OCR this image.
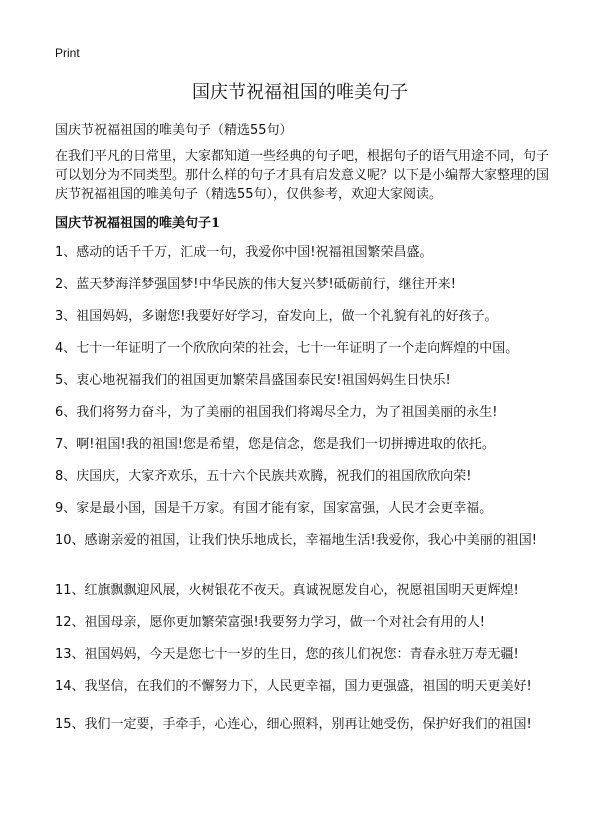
Print
国庆节祝福祖国的唯美句子
国庆节祝福祖国的唯美句子（精选55句）

在我们平凡的日常里，大家都知道一些经典的句子吧，根据句子的语气用途不同，句子可以划分为不同类型。那什么样的句子才具有启发意义呢？以下是小编帮大家整理的国庆节祝福祖国的唯美句子（精选55句），仅供参考，欢迎大家阅读。

国庆节祝福祖国的唯美句子1
1、感动的话千千万，汇成一句，我爱你中国!祝福祖国繁荣昌盛。
2、蓝天梦海洋梦强国梦!中华民族的伟大复兴梦!砥砺前行，继往开来!
3、祖国妈妈，多谢您!我要好好学习，奋发向上，做一个礼貌有礼的好孩子。
4、七十一年证明了一个欣欣向荣的社会，七十一年证明了一个走向辉煌的中国。
5、衷心地祝福我们的祖国更加繁荣昌盛国泰民安!祖国妈妈生日快乐!
6、我们将努力奋斗，为了美丽的祖国我们将竭尽全力，为了祖国美丽的永生!
7、啊!祖国!我的祖国!您是希望，您是信念，您是我们一切拼搏进取的依托。
8、庆国庆，大家齐欢乐，五十六个民族共欢腾，祝我们的祖国欣欣向荣!
9、家是最小国，国是千万家。有国才能有家，国家富强，人民才会更幸福。
10、感谢亲爱的祖国，让我们快乐地成长，幸福地生活!我爱你，我心中美丽的祖国!
11、红旗飘飘迎风展，火树银花不夜天。真诚祝愿发自心，祝愿祖国明天更辉煌!
12、祖国母亲，愿你更加繁荣富强!我要努力学习，做一个对社会有用的人!
13、祖国妈妈，今天是您七十一岁的生日，您的孩儿们祝您：青春永驻万寿无疆!
14、我坚信，在我们的不懈努力下，人民更幸福，国力更强盛，祖国的明天更美好!
15、我们一定要，手牵手，心连心，细心照料，别再让她受伤，保护好我们的祖国!
